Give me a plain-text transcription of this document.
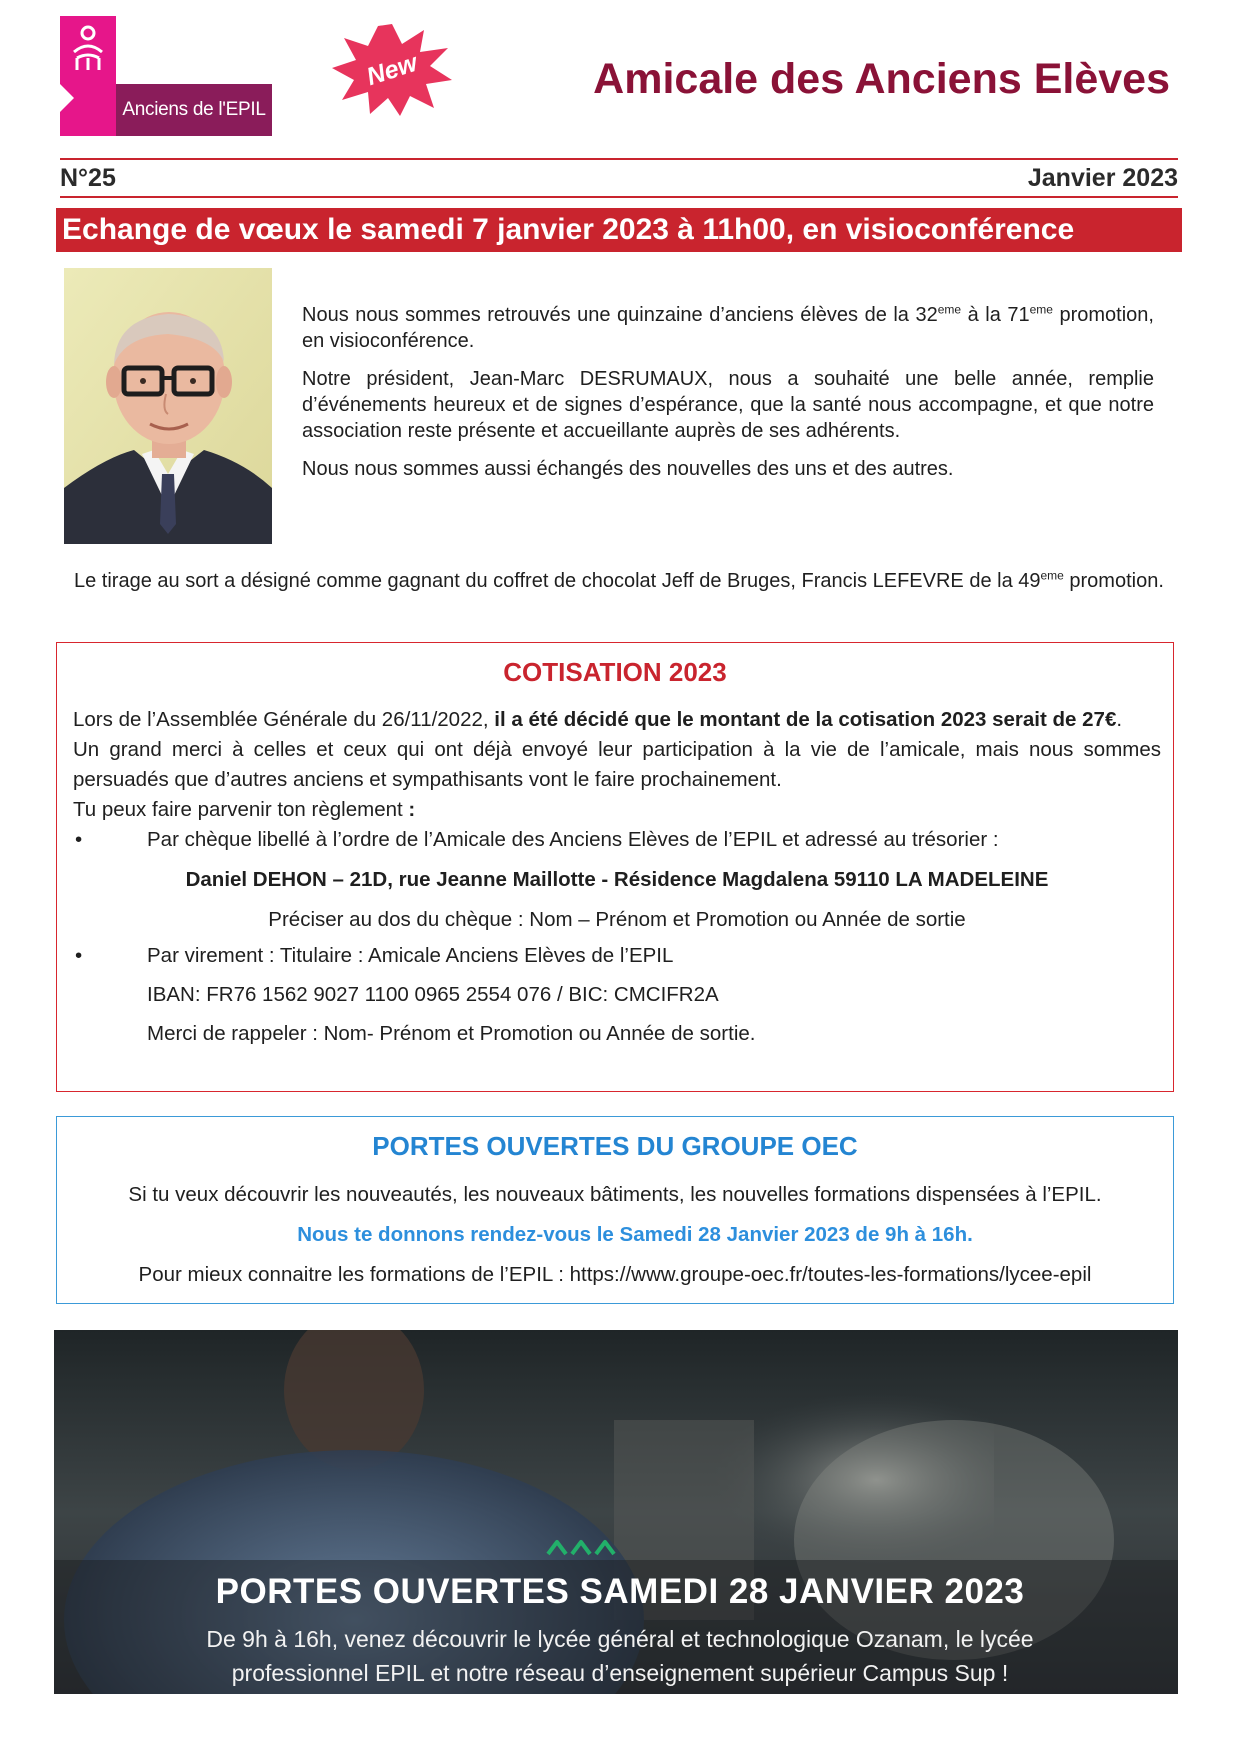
Anciens de l'EPIL
New	Amicale des Anciens Elèves
N°25	Janvier 2023
Echange de vœux le samedi 7 janvier 2023 à 11h00, en visioconférence

Nous nous sommes retrouvés une quinzaine d’anciens élèves de la 32eme à la 71eme promotion, en visioconférence.

Notre président, Jean-Marc DESRUMAUX, nous a souhaité une belle année, remplie d’événements heureux et de signes d’espérance, que la santé nous accompagne, et que notre association reste présente et accueillante auprès de ses adhérents.

Nous nous sommes aussi échangés des nouvelles des uns et des autres.

Le tirage au sort a désigné comme gagnant du coffret de chocolat Jeff de Bruges, Francis LEFEVRE de la 49eme promotion.
COTISATION 2023
Lors de l’Assemblée Générale du 26/11/2022, il a été décidé que le montant de la cotisation 2023 serait de 27€.
Un grand merci à celles et ceux qui ont déjà envoyé leur participation à la vie de l’amicale, mais nous sommes persuadés que d’autres anciens et sympathisants vont le faire prochainement.
Tu peux faire parvenir ton règlement :
•	Par chèque libellé à l’ordre de l’Amicale des Anciens Elèves de l’EPIL et adressé au trésorier :
Daniel DEHON – 21D, rue Jeanne Maillotte - Résidence Magdalena 59110 LA MADELEINE
Préciser au dos du chèque : Nom – Prénom et Promotion ou Année de sortie
•	Par virement : Titulaire : Amicale Anciens Elèves de l’EPIL
IBAN: FR76 1562 9027 1100 0965 2554 076 / BIC: CMCIFR2A
Merci de rappeler : Nom- Prénom et Promotion ou Année de sortie.
PORTES OUVERTES DU GROUPE OEC
Si tu veux découvrir les nouveautés, les nouveaux bâtiments, les nouvelles formations dispensées à l’EPIL.
Nous te donnons rendez-vous le Samedi 28 Janvier 2023 de 9h à 16h.
Pour mieux connaitre les formations de l’EPIL : https://www.groupe-oec.fr/toutes-les-formations/lycee-epil
PORTES OUVERTES SAMEDI 28 JANVIER 2023
De 9h à 16h, venez découvrir le lycée général et technologique Ozanam, le lycée
professionnel EPIL et notre réseau d’enseignement supérieur Campus Sup !
